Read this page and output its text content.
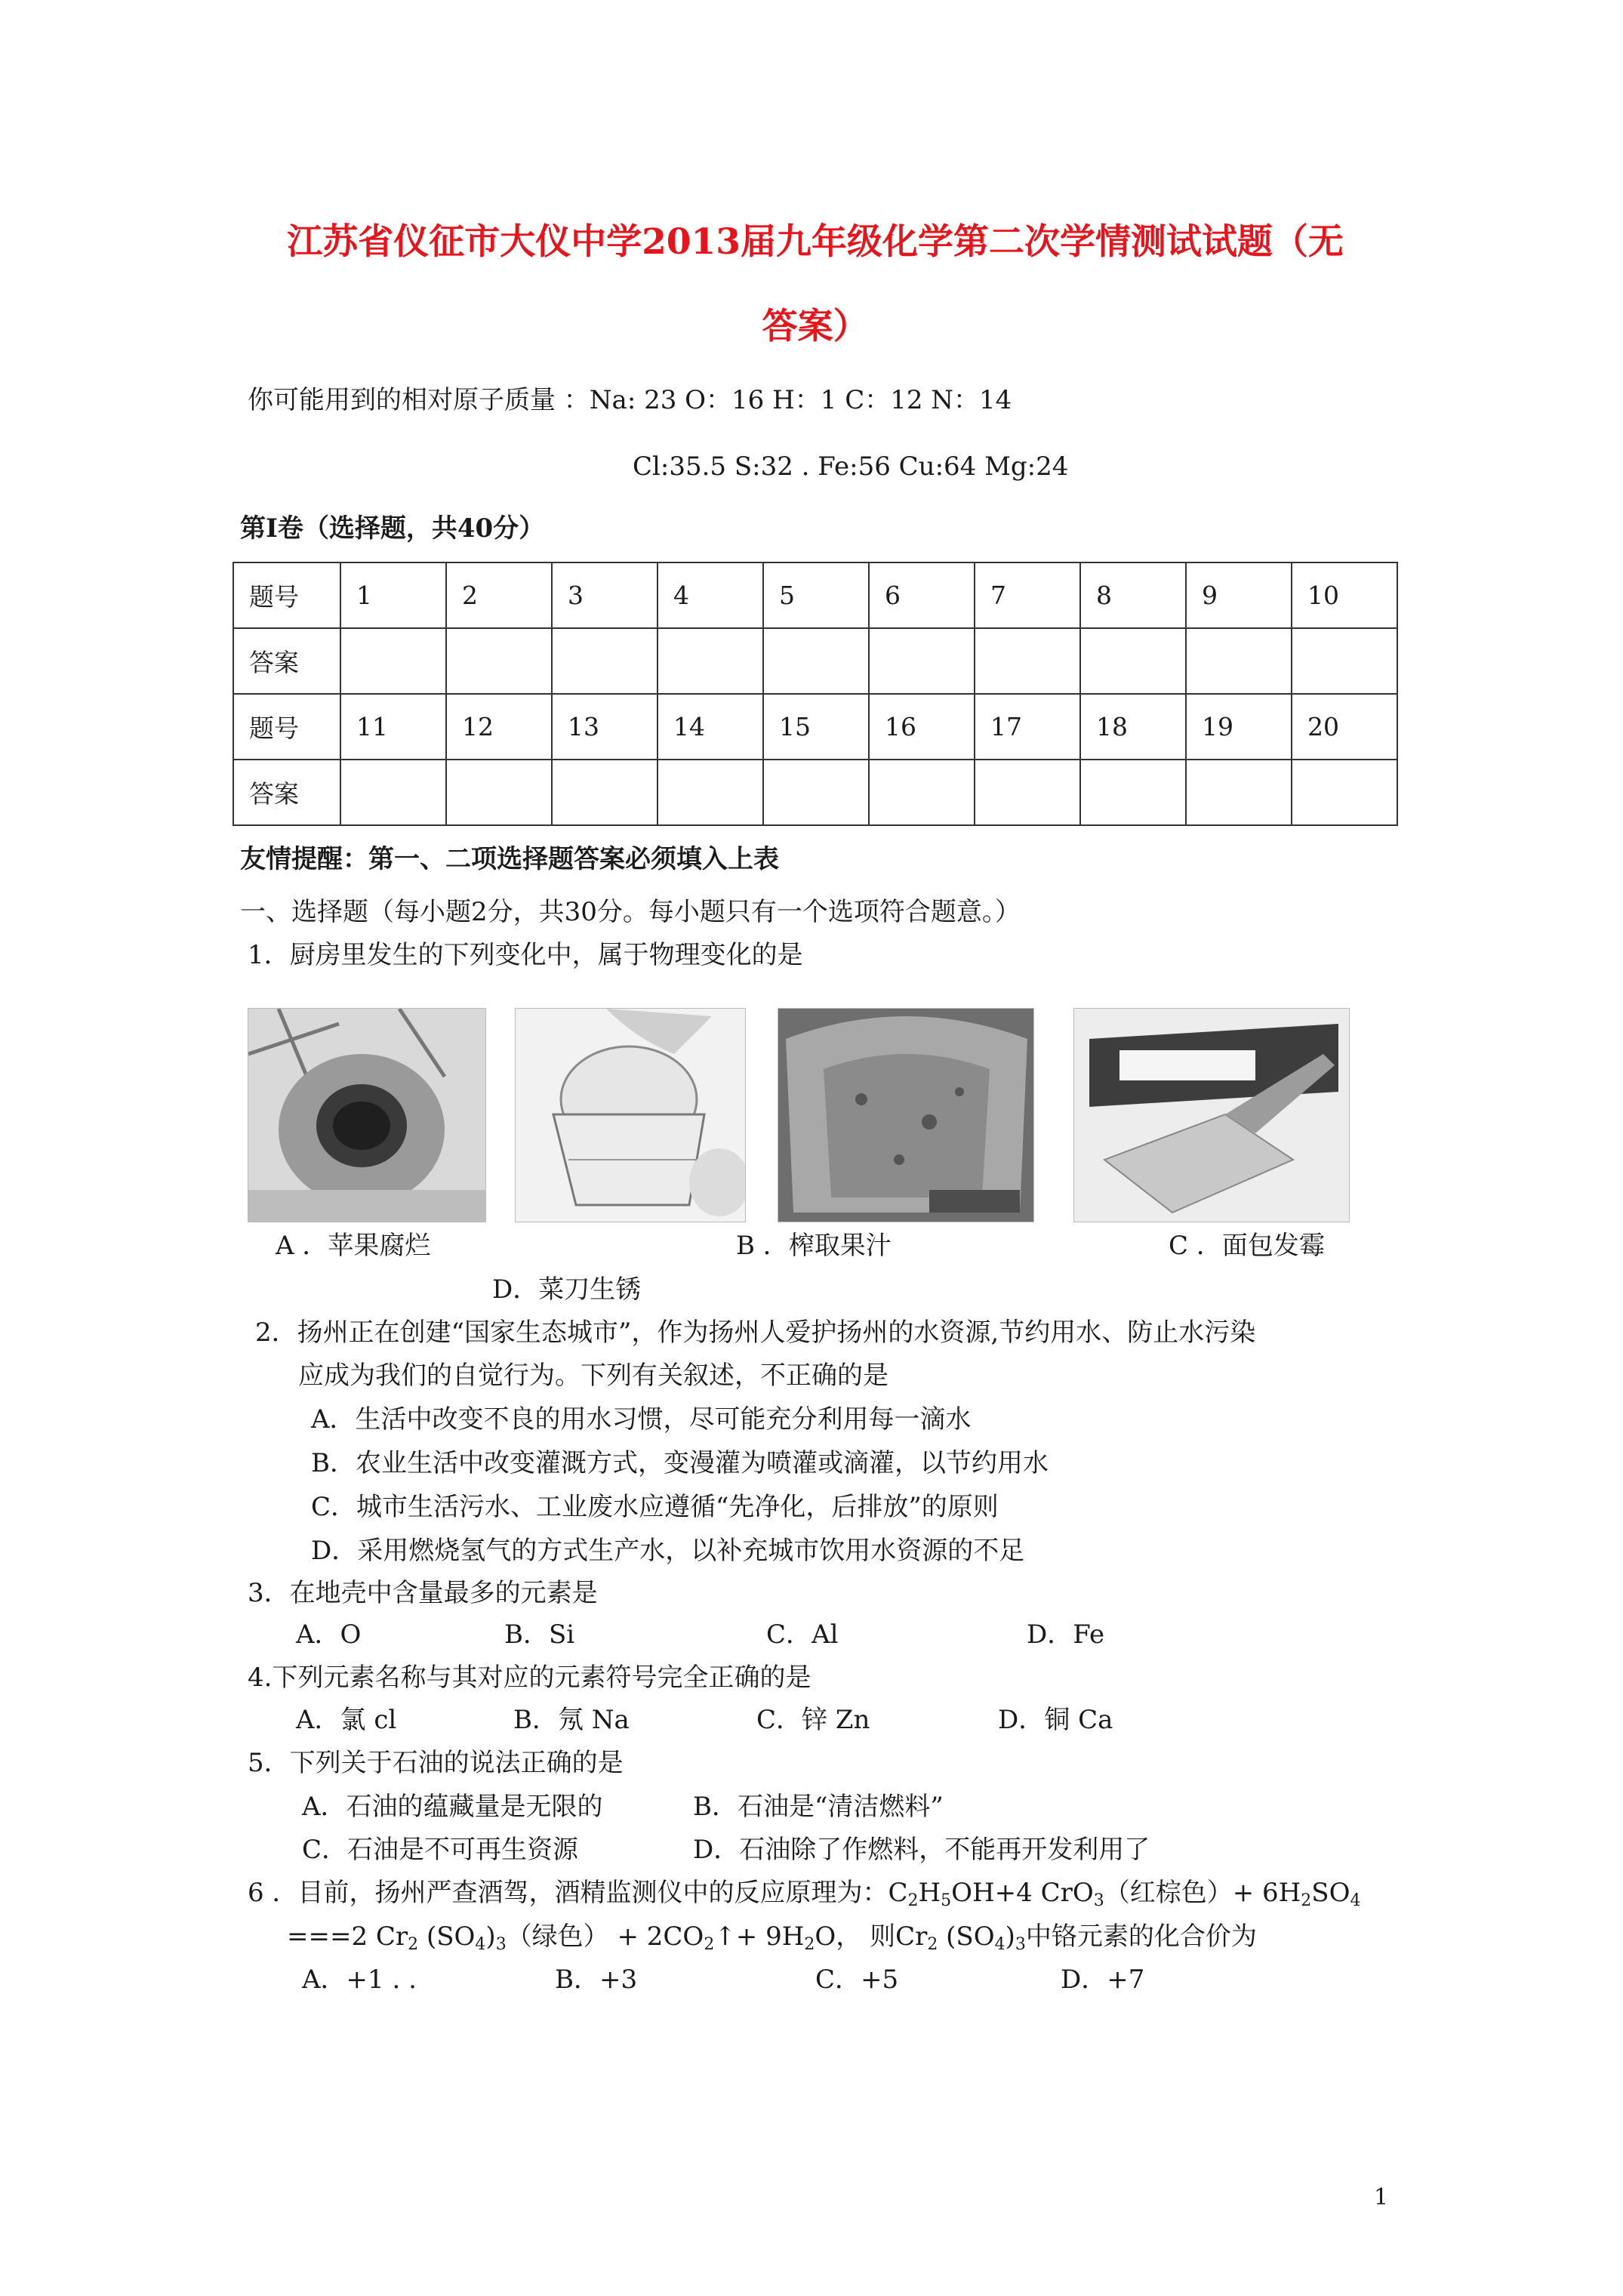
江苏省仪征市大仪中学2013届九年级化学第二次学情测试试题（无
答案）
你可能用到的相对原子质量 ：Na: 23 O：16 H：1 C：12 N：14
Cl:35.5 S:32 . Fe:56 Cu:64 Mg:24
第Ⅰ卷（选择题，共40分）
题号	1	2	3	4	5	6	7	8	9	10
答案										
题号	11	12	13	14	15	16	17	18	19	20
答案										
友情提醒：第一、二项选择题答案必须填入上表
一、选择题（每小题2分，共30分。每小题只有一个选项符合题意。）
1．厨房里发生的下列变化中，属于物理变化的是
A ．苹果腐烂	B ．榨取果汁	C ．面包发霉
D．菜刀生锈
2．扬州正在创建“国家生态城市”，作为扬州人爱护扬州的水资源,节约用水、防止水污染
应成为我们的自觉行为。下列有关叙述，不正确的是
A．生活中改变不良的用水习惯，尽可能充分利用每一滴水
B．农业生活中改变灌溉方式，变漫灌为喷灌或滴灌，以节约用水
C．城市生活污水、工业废水应遵循“先净化，后排放”的原则
D．采用燃烧氢气的方式生产水，以补充城市饮用水资源的不足
3．在地壳中含量最多的元素是
A．O	B．Si	C．Al	D．Fe
4.下列元素名称与其对应的元素符号完全正确的是
A．氯 cl	B．氖 Na	C．锌 Zn	D．铜 Ca
5．下列关于石油的说法正确的是
A．石油的蕴藏量是无限的	B．石油是“清洁燃料”
C．石油是不可再生资源	D．石油除了作燃料，不能再开发利用了
6 ．目前，扬州严查酒驾，酒精监测仪中的反应原理为：$C_2H_5OH+4$ CrO$_3$（红棕色）+ $6H_2SO_4$
===2 $Cr_2$ $(SO_4)_3$（绿色） + $2CO_2↑+ 9H_2O$， 则$Cr_2$ $(SO_4)_3$中铬元素的化合价为
A．+1 . .	B．+3	C．+5	D．+7
1
